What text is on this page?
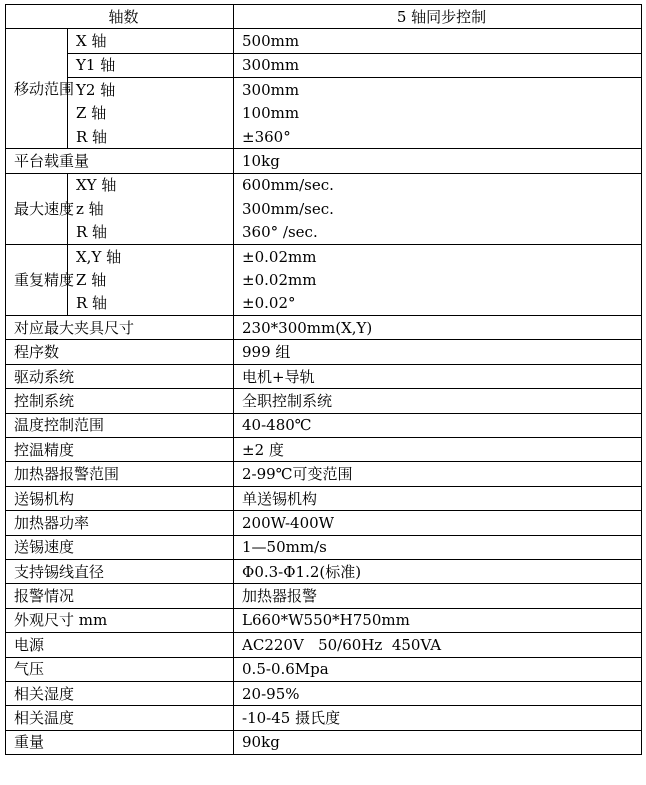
轴数		5 轴同步控制
移动范围	X 轴	500mm
	Y1 轴	300mm
	Y2 轴	300mm
	Z 轴	100mm
	R 轴	±360°
平台载重量		10kg
最大速度	XY 轴	600mm/sec.
	z 轴	300mm/sec.
	R 轴	360° /sec.
重复精度	X,Y 轴	±0.02mm
	Z 轴	±0.02mm
	R 轴	±0.02°
对应最大夹具尺寸		230*300mm(X,Y)
程序数		999 组
驱动系统		电机+导轨
控制系统		全职控制系统
温度控制范围		40-480℃
控温精度		±2 度
加热器报警范围		2-99℃可变范围
送锡机构		单送锡机构
加热器功率		200W-400W
送锡速度		1—50mm/s
支持锡线直径		Φ0.3-Φ1.2(标准)
报警情况		加热器报警
外观尺寸 mm		L660*W550*H750mm
电源		AC220V   50/60Hz  450VA
气压		0.5-0.6Mpa
相关湿度		20-95%
相关温度		-10-45 摄氏度
重量		90kg
